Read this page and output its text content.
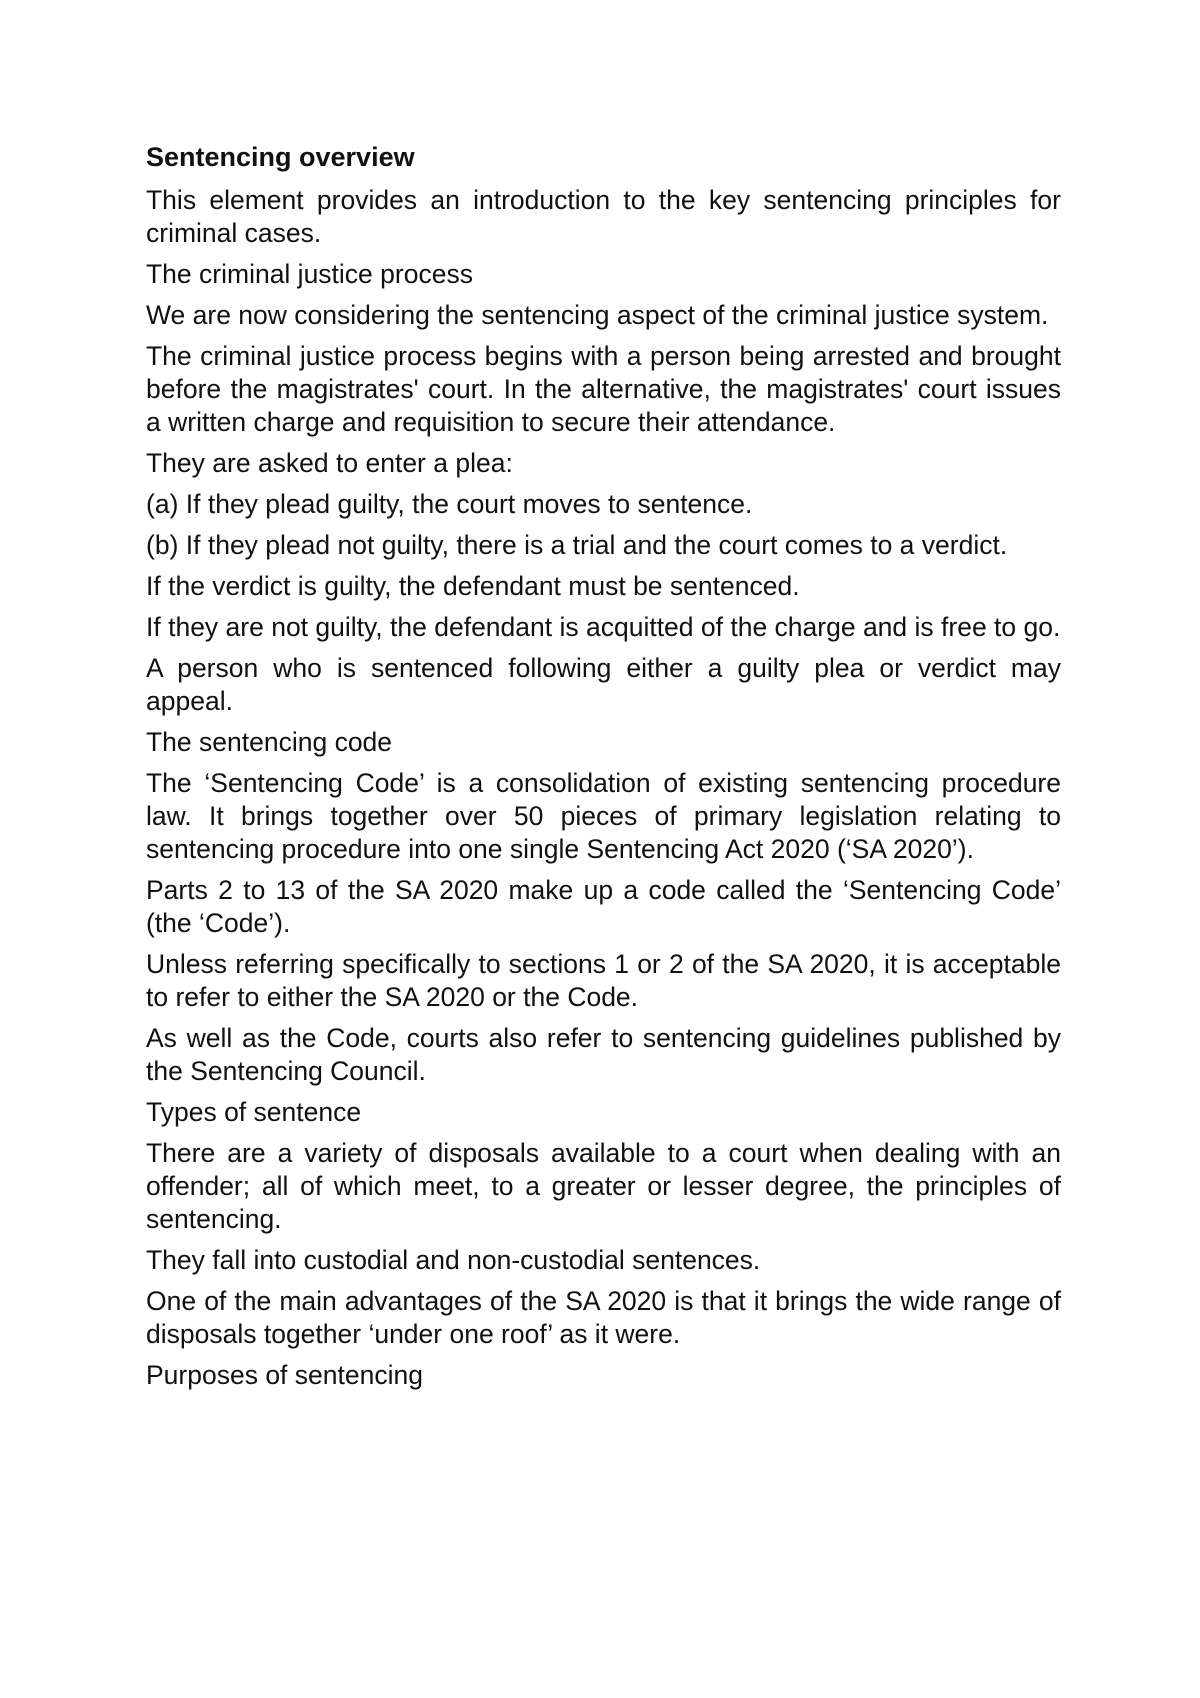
Sentencing overview
This element provides an introduction to the key sentencing principles for criminal cases.
The criminal justice process
We are now considering the sentencing aspect of the criminal justice system.
The criminal justice process begins with a person being arrested and brought before the magistrates' court. In the alternative, the magistrates' court issues a written charge and requisition to secure their attendance.
They are asked to enter a plea:
(a) If they plead guilty, the court moves to sentence.
(b) If they plead not guilty, there is a trial and the court comes to a verdict.
If the verdict is guilty, the defendant must be sentenced.
If they are not guilty, the defendant is acquitted of the charge and is free to go.
A person who is sentenced following either a guilty plea or verdict may appeal.
The sentencing code
The ‘Sentencing Code’ is a consolidation of existing sentencing procedure law. It brings together over 50 pieces of primary legislation relating to sentencing procedure into one single Sentencing Act 2020 (‘SA 2020’).
Parts 2 to 13 of the SA 2020 make up a code called the ‘Sentencing Code’ (the ‘Code’).
Unless referring specifically to sections 1 or 2 of the SA 2020, it is acceptable to refer to either the SA 2020 or the Code.
As well as the Code, courts also refer to sentencing guidelines published by the Sentencing Council.
Types of sentence
There are a variety of disposals available to a court when dealing with an offender; all of which meet, to a greater or lesser degree, the principles of sentencing.
They fall into custodial and non-custodial sentences.
One of the main advantages of the SA 2020 is that it brings the wide range of disposals together ‘under one roof’ as it were.
Purposes of sentencing
